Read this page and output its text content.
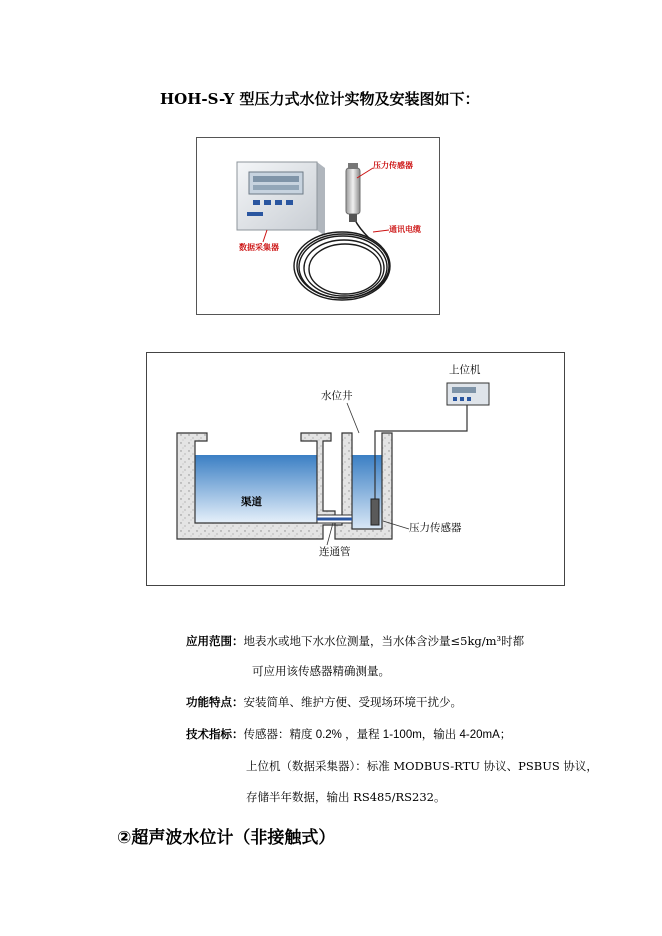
HOH-S-Y 型压力式水位计实物及安装图如下：
压力传感器
通讯电缆
数据采集器
上位机
水位井
渠道
压力传感器
连通管
应用范围：地表水或地下水水位测量，当水体含沙量≤5kg/m³时都
可应用该传感器精确测量。
功能特点：安装简单、维护方便、受现场环境干扰少。
技术指标：传感器：精度 0.2% ，量程 1-100m，输出 4-20mA；
上位机（数据采集器）：标准 MODBUS-RTU 协议、PSBUS 协议，
存储半年数据，输出 RS485/RS232。
②超声波水位计（非接触式）
